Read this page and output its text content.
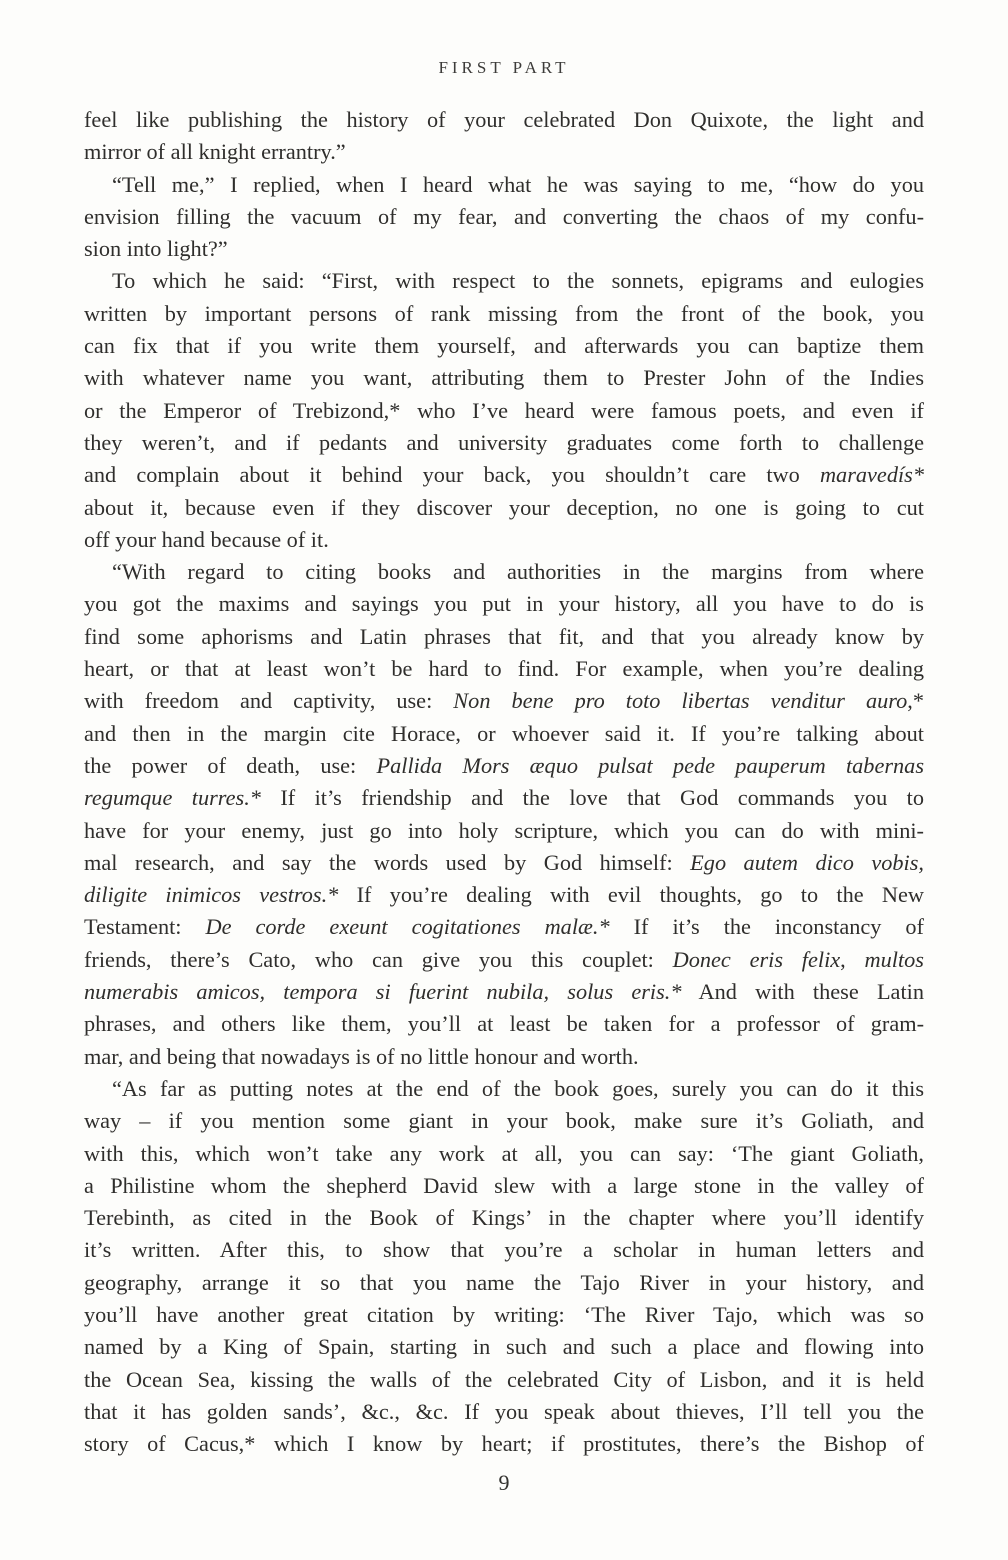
FIRST PART
feel like publishing the history of your celebrated Don Quixote, the light and
mirror of all knight errantry.”
“Tell me,” I replied, when I heard what he was saying to me, “how do you
envision filling the vacuum of my fear, and converting the chaos of my confu-
sion into light?”
To which he said: “First, with respect to the sonnets, epigrams and eulogies
written by important persons of rank missing from the front of the book, you
can fix that if you write them yourself, and afterwards you can baptize them
with whatever name you want, attributing them to Prester John of the Indies
or the Emperor of Trebizond,* who I’ve heard were famous poets, and even if
they weren’t, and if pedants and university graduates come forth to challenge
and complain about it behind your back, you shouldn’t care two maravedís*
about it, because even if they discover your deception, no one is going to cut
off your hand because of it.
“With regard to citing books and authorities in the margins from where
you got the maxims and sayings you put in your history, all you have to do is
find some aphorisms and Latin phrases that fit, and that you already know by
heart, or that at least won’t be hard to find. For example, when you’re dealing
with freedom and captivity, use: Non bene pro toto libertas venditur auro,*
and then in the margin cite Horace, or whoever said it. If you’re talking about
the power of death, use: Pallida Mors æquo pulsat pede pauperum tabernas
regumque turres.* If it’s friendship and the love that God commands you to
have for your enemy, just go into holy scripture, which you can do with mini-
mal research, and say the words used by God himself: Ego autem dico vobis,
diligite inimicos vestros.* If you’re dealing with evil thoughts, go to the New
Testament: De corde exeunt cogitationes malæ.* If it’s the inconstancy of
friends, there’s Cato, who can give you this couplet: Donec eris felix, multos
numerabis amicos, tempora si fuerint nubila, solus eris.* And with these Latin
phrases, and others like them, you’ll at least be taken for a professor of gram-
mar, and being that nowadays is of no little honour and worth.
“As far as putting notes at the end of the book goes, surely you can do it this
way – if you mention some giant in your book, make sure it’s Goliath, and
with this, which won’t take any work at all, you can say: ‘The giant Goliath,
a Philistine whom the shepherd David slew with a large stone in the valley of
Terebinth, as cited in the Book of Kings’ in the chapter where you’ll identify
it’s written. After this, to show that you’re a scholar in human letters and
geography, arrange it so that you name the Tajo River in your history, and
you’ll have another great citation by writing: ‘The River Tajo, which was so
named by a King of Spain, starting in such and such a place and flowing into
the Ocean Sea, kissing the walls of the celebrated City of Lisbon, and it is held
that it has golden sands’, &c., &c. If you speak about thieves, I’ll tell you the
story of Cacus,* which I know by heart; if prostitutes, there’s the Bishop of
9
